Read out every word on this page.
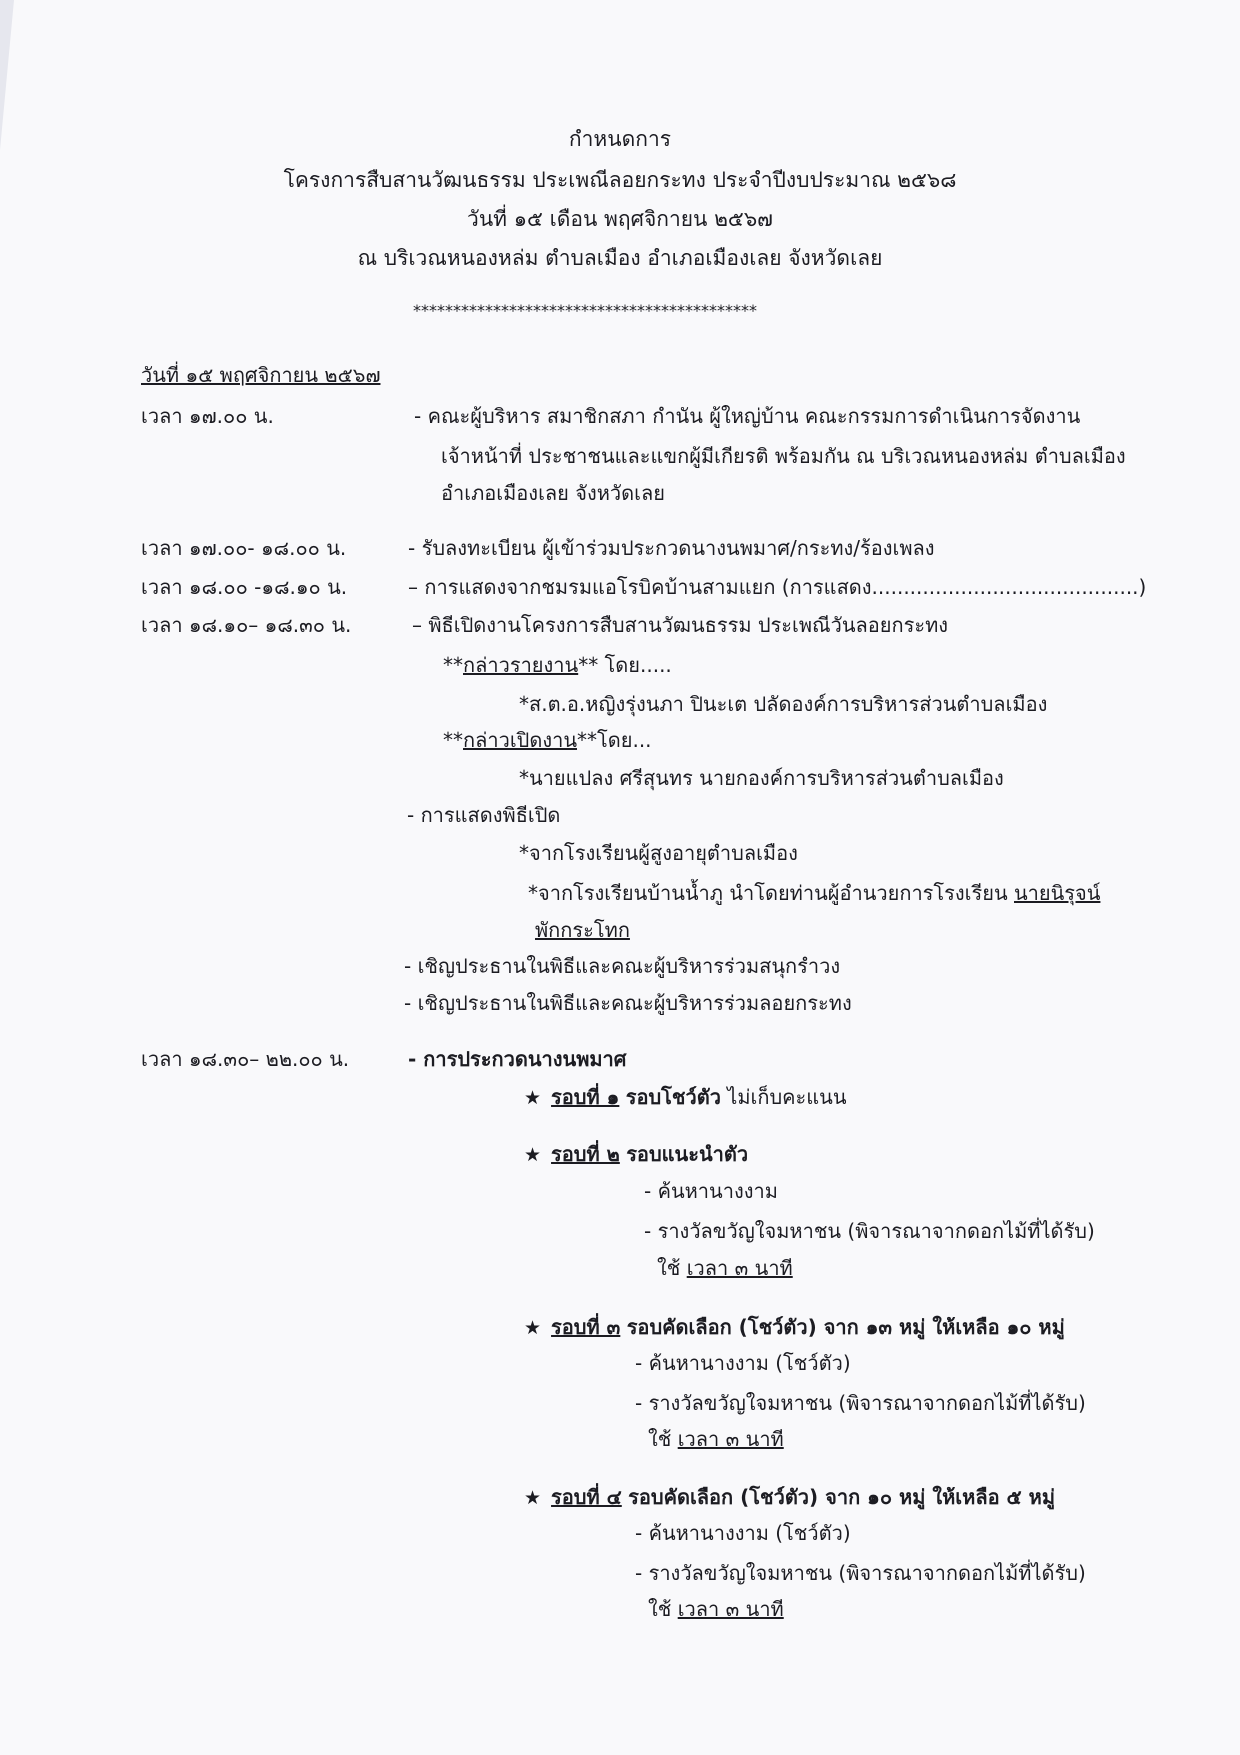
กำหนดการ
โครงการสืบสานวัฒนธรรม ประเพณีลอยกระทง ประจำปีงบประมาณ ๒๕๖๘
วันที่ ๑๕ เดือน พฤศจิกายน ๒๕๖๗
ณ บริเวณหนองหล่ม ตำบลเมือง อำเภอเมืองเลย จังหวัดเลย
*******************************************
วันที่ ๑๕ พฤศจิกายน ๒๕๖๗
เวลา ๑๗.๐๐ น.	- คณะผู้บริหาร สมาชิกสภา กำนัน ผู้ใหญ่บ้าน คณะกรรมการดำเนินการจัดงาน
เจ้าหน้าที่ ประชาชนและแขกผู้มีเกียรติ พร้อมกัน ณ บริเวณหนองหล่ม ตำบลเมือง
อำเภอเมืองเลย จังหวัดเลย
เวลา ๑๗.๐๐- ๑๘.๐๐ น.	- รับลงทะเบียน ผู้เข้าร่วมประกวดนางนพมาศ/กระทง/ร้องเพลง
เวลา ๑๘.๐๐ -๑๘.๑๐ น.	– การแสดงจากชมรมแอโรบิคบ้านสามแยก (การแสดง..........................................)
เวลา ๑๘.๑๐– ๑๘.๓๐ น.	– พิธีเปิดงานโครงการสืบสานวัฒนธรรม ประเพณีวันลอยกระทง
**กล่าวรายงาน** โดย.....
*ส.ต.อ.หญิงรุ่งนภา ปินะเต ปลัดองค์การบริหารส่วนตำบลเมือง
**กล่าวเปิดงาน**โดย...
*นายแปลง ศรีสุนทร นายกองค์การบริหารส่วนตำบลเมือง
- การแสดงพิธีเปิด
*จากโรงเรียนผู้สูงอายุตำบลเมือง
*จากโรงเรียนบ้านน้ำภู นำโดยท่านผู้อำนวยการโรงเรียน นายนิรุจน์
พักกระโทก
- เชิญประธานในพิธีและคณะผู้บริหารร่วมสนุกรำวง
- เชิญประธานในพิธีและคณะผู้บริหารร่วมลอยกระทง
เวลา ๑๘.๓๐– ๒๒.๐๐ น.	- การประกวดนางนพมาศ
★ รอบที่ ๑ รอบโชว์ตัว ไม่เก็บคะแนน
★ รอบที่ ๒ รอบแนะนำตัว
- ค้นหานางงาม
- รางวัลขวัญใจมหาชน (พิจารณาจากดอกไม้ที่ได้รับ)
ใช้ เวลา ๓ นาที
★ รอบที่ ๓ รอบคัดเลือก (โชว์ตัว) จาก ๑๓ หมู่ ให้เหลือ ๑๐ หมู่
- ค้นหานางงาม (โชว์ตัว)
- รางวัลขวัญใจมหาชน (พิจารณาจากดอกไม้ที่ได้รับ)
ใช้ เวลา ๓ นาที
★ รอบที่ ๔ รอบคัดเลือก (โชว์ตัว) จาก ๑๐ หมู่ ให้เหลือ ๕ หมู่
- ค้นหานางงาม (โชว์ตัว)
- รางวัลขวัญใจมหาชน (พิจารณาจากดอกไม้ที่ได้รับ)
ใช้ เวลา ๓ นาที
